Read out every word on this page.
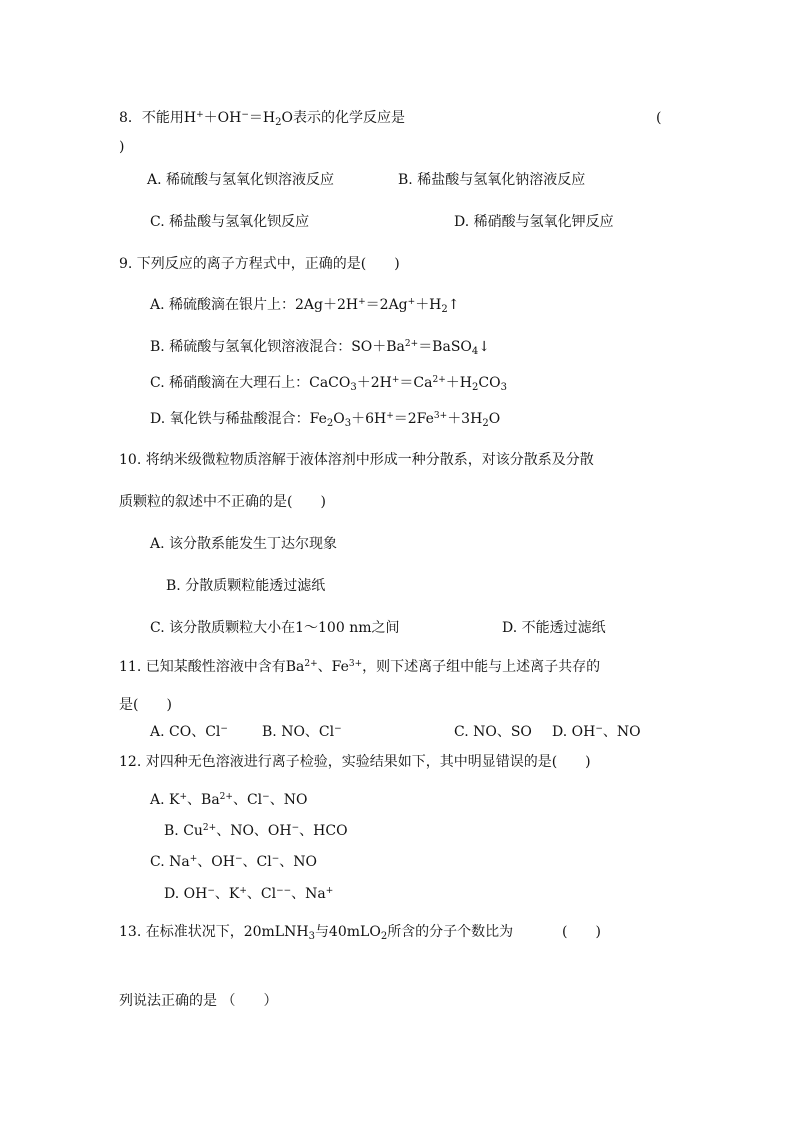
8．不能用$H^++OH^-=H_2O$表示的化学反应是	(
)
A. 稀硫酸与氢氧化钡溶液反应	B. 稀盐酸与氢氧化钠溶液反应
C. 稀盐酸与氢氧化钡反应	D. 稀硝酸与氢氧化钾反应
9. 下列反应的离子方程式中，正确的是(　　)
A. 稀硫酸滴在银片上：$2Ag+2H^+=2Ag^++H_2↑$
B. 稀硫酸与氢氧化钡溶液混合：$SO+Ba^{2+}=BaSO_4↓$
C. 稀硝酸滴在大理石上：$CaCO_3+2H^+=Ca^{2+}+H_2CO_3$
D. 氧化铁与稀盐酸混合：$Fe_2O_3+6H^+=2Fe^{3+}+3H_2O$
10. 将纳米级微粒物质溶解于液体溶剂中形成一种分散系，对该分散系及分散
质颗粒的叙述中不正确的是(　　)
A. 该分散系能发生丁达尔现象
B. 分散质颗粒能透过滤纸
C. 该分散质颗粒大小在1～100 nm之间	D. 不能透过滤纸
11. 已知某酸性溶液中含有$Ba^{2+}$、$Fe^{3+}$，则下述离子组中能与上述离子共存的
是(　　)
A. CO、Cl− B. NO、Cl−	C. NO、SO D. OH−、NO
12. 对四种无色溶液进行离子检验，实验结果如下，其中明显错误的是(　　)
A. K+、$Ba^{2+}$、Cl−、NO
B. $Cu^{2+}$、NO、OH−、HCO
C. Na+、OH−、Cl−、NO
D. OH−、K+、Cl−−、Na+
13. 在标准状况下，20mLNH$_3$与40mLO$_2$所含的分子个数比为	(　　)
列说法正确的是 （　　）
